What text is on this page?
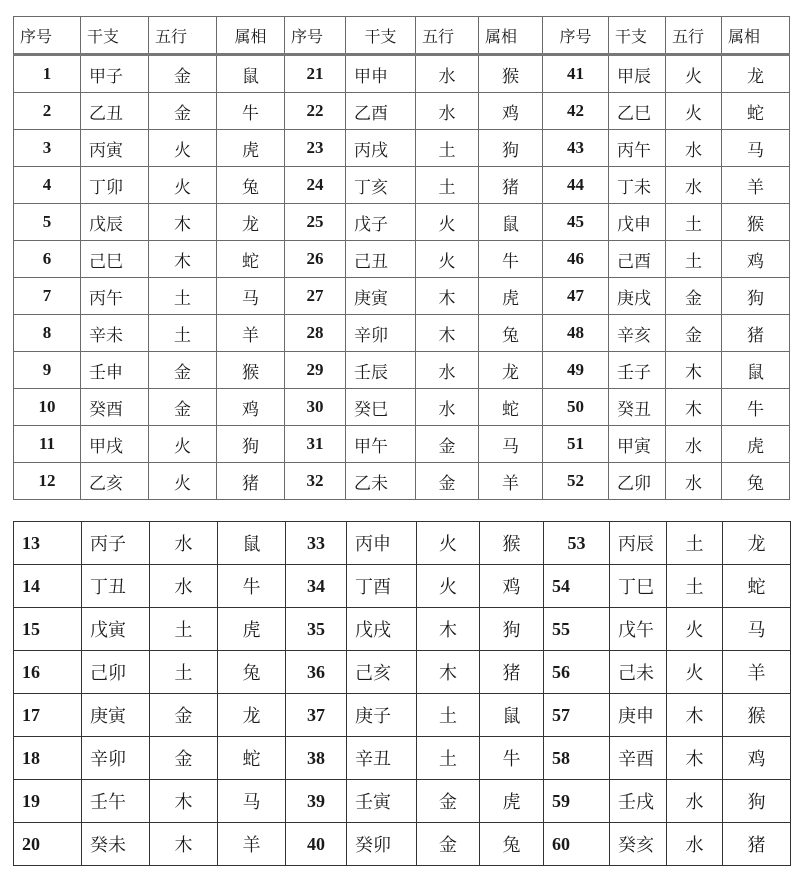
序号	干支	五行	属相	序号	干支	五行	属相	序号	干支	五行	属相
1	甲子	金	鼠	21	甲申	水	猴	41	甲辰	火	龙
2	乙丑	金	牛	22	乙酉	水	鸡	42	乙巳	火	蛇
3	丙寅	火	虎	23	丙戌	土	狗	43	丙午	水	马
4	丁卯	火	兔	24	丁亥	土	猪	44	丁未	水	羊
5	戊辰	木	龙	25	戊子	火	鼠	45	戊申	土	猴
6	己巳	木	蛇	26	己丑	火	牛	46	己酉	土	鸡
7	丙午	土	马	27	庚寅	木	虎	47	庚戌	金	狗
8	辛未	土	羊	28	辛卯	木	兔	48	辛亥	金	猪
9	壬申	金	猴	29	壬辰	水	龙	49	壬子	木	鼠
10	癸酉	金	鸡	30	癸巳	水	蛇	50	癸丑	木	牛
11	甲戌	火	狗	31	甲午	金	马	51	甲寅	水	虎
12	乙亥	火	猪	32	乙未	金	羊	52	乙卯	水	兔
13	丙子	水	鼠	33	丙申	火	猴	53	丙辰	土	龙
14	丁丑	水	牛	34	丁酉	火	鸡	54	丁巳	土	蛇
15	戊寅	土	虎	35	戊戌	木	狗	55	戊午	火	马
16	己卯	土	兔	36	己亥	木	猪	56	己未	火	羊
17	庚寅	金	龙	37	庚子	土	鼠	57	庚申	木	猴
18	辛卯	金	蛇	38	辛丑	土	牛	58	辛酉	木	鸡
19	壬午	木	马	39	壬寅	金	虎	59	壬戌	水	狗
20	癸未	木	羊	40	癸卯	金	兔	60	癸亥	水	猪
